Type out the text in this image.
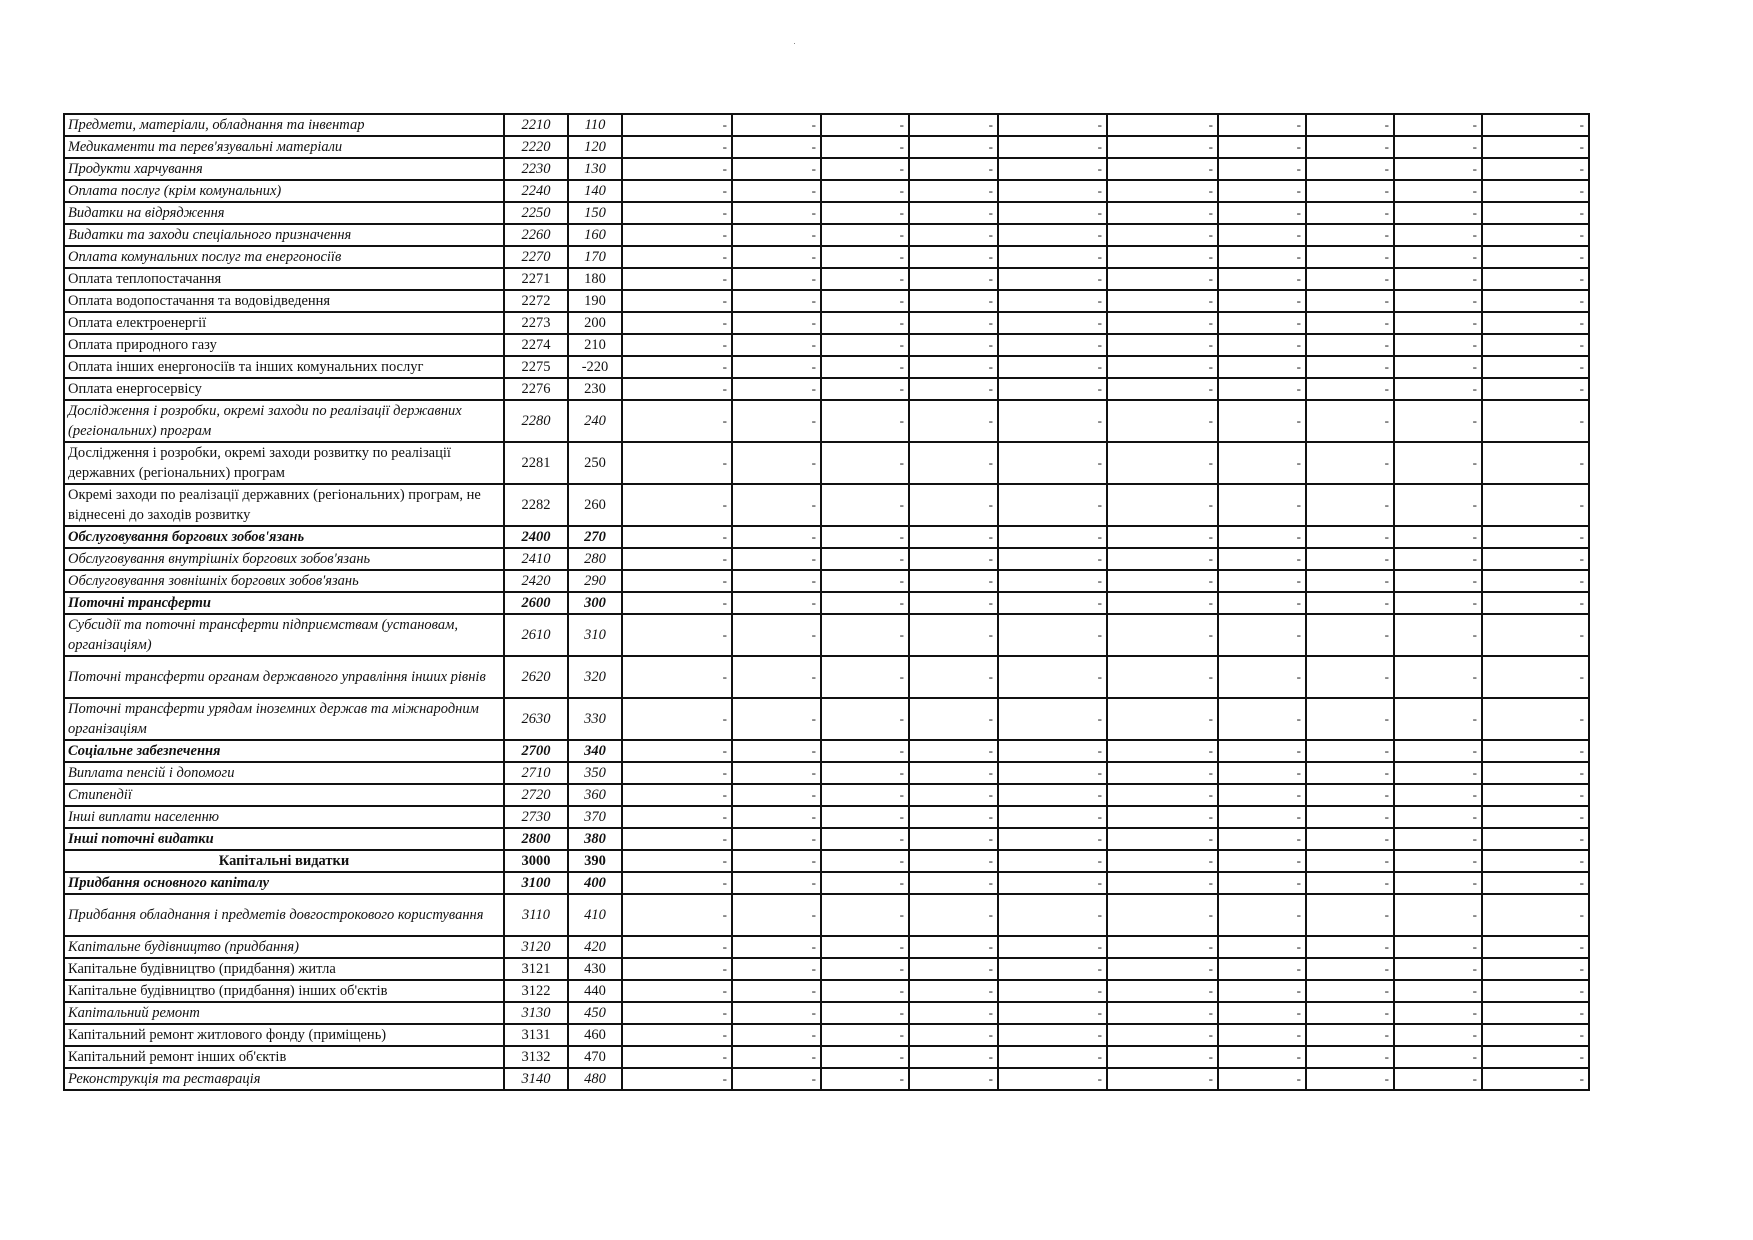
Предмети, матеріали, обладнання та інвентар	2210	110	-	-	-	-	-	-	-	-	-	-
Медикаменти та перев'язувальні матеріали	2220	120	-	-	-	-	-	-	-	-	-	-
Продукти харчування	2230	130	-	-	-	-	-	-	-	-	-	-
Оплата послуг (крім комунальних)	2240	140	-	-	-	-	-	-	-	-	-	-
Видатки на відрядження	2250	150	-	-	-	-	-	-	-	-	-	-
Видатки та заходи спеціального призначення	2260	160	-	-	-	-	-	-	-	-	-	-
Оплата комунальних послуг та енергоносіїв	2270	170	-	-	-	-	-	-	-	-	-	-
Оплата теплопостачання	2271	180	-	-	-	-	-	-	-	-	-	-
Оплата водопостачання та водовідведення	2272	190	-	-	-	-	-	-	-	-	-	-
Оплата електроенергії	2273	200	-	-	-	-	-	-	-	-	-	-
Оплата природного газу	2274	210	-	-	-	-	-	-	-	-	-	-
Оплата інших енергоносіїв та інших комунальних послуг	2275	-220	-	-	-	-	-	-	-	-	-	-
Оплата енергосервісу	2276	230	-	-	-	-	-	-	-	-	-	-
Дослідження і розробки, окремі заходи по реалізації державних (регіональних) програм	2280	240	-	-	-	-	-	-	-	-	-	-
Дослідження і розробки, окремі заходи розвитку по реалізації державних (регіональних) програм	2281	250	-	-	-	-	-	-	-	-	-	-
Окремі заходи по реалізації державних (регіональних) програм, не віднесені до заходів розвитку	2282	260	-	-	-	-	-	-	-	-	-	-
Обслуговування боргових зобов'язань	2400	270	-	-	-	-	-	-	-	-	-	-
Обслуговування внутрішніх боргових зобов'язань	2410	280	-	-	-	-	-	-	-	-	-	-
Обслуговування зовнішніх боргових зобов'язань	2420	290	-	-	-	-	-	-	-	-	-	-
Поточні трансферти	2600	300	-	-	-	-	-	-	-	-	-	-
Субсидії та поточні трансферти підприємствам (установам, організаціям)	2610	310	-	-	-	-	-	-	-	-	-	-
Поточні трансферти органам державного управління інших рівнів	2620	320	-	-	-	-	-	-	-	-	-	-
Поточні трансферти урядам іноземних держав та міжнародним організаціям	2630	330	-	-	-	-	-	-	-	-	-	-
Соціальне забезпечення	2700	340	-	-	-	-	-	-	-	-	-	-
Виплата пенсій і допомоги	2710	350	-	-	-	-	-	-	-	-	-	-
Стипендії	2720	360	-	-	-	-	-	-	-	-	-	-
Інші виплати населенню	2730	370	-	-	-	-	-	-	-	-	-	-
Інші поточні видатки	2800	380	-	-	-	-	-	-	-	-	-	-
Капітальні видатки	3000	390	-	-	-	-	-	-	-	-	-	-
Придбання основного капіталу	3100	400	-	-	-	-	-	-	-	-	-	-
Придбання обладнання і предметів довгострокового користування	3110	410	-	-	-	-	-	-	-	-	-	-
Капітальне будівництво (придбання)	3120	420	-	-	-	-	-	-	-	-	-	-
Капітальне будівництво (придбання) житла	3121	430	-	-	-	-	-	-	-	-	-	-
Капітальне будівництво (придбання) інших об'єктів	3122	440	-	-	-	-	-	-	-	-	-	-
Капітальний ремонт	3130	450	-	-	-	-	-	-	-	-	-	-
Капітальний ремонт житлового фонду (приміщень)	3131	460	-	-	-	-	-	-	-	-	-	-
Капітальний ремонт інших об'єктів	3132	470	-	-	-	-	-	-	-	-	-	-
Реконструкція та реставрація	3140	480	-	-	-	-	-	-	-	-	-	-
